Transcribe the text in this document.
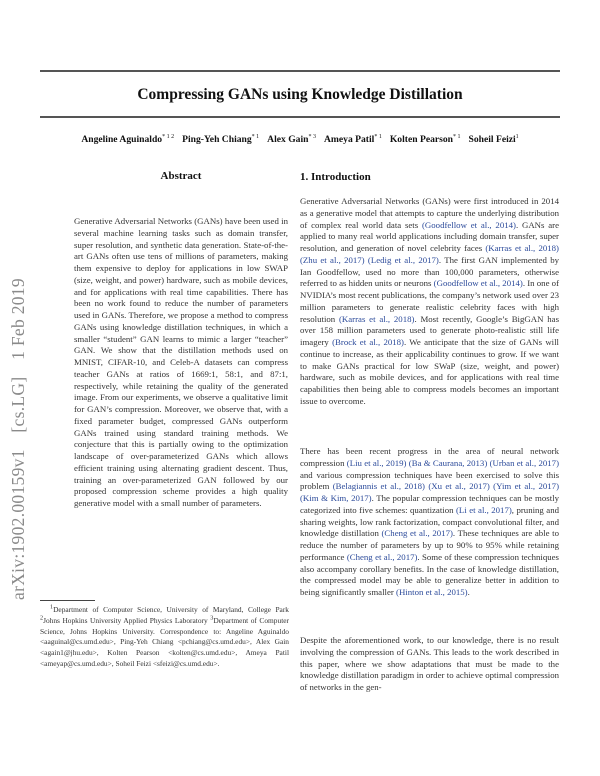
Compressing GANs using Knowledge Distillation
Angeline Aguinaldo$^{* 1 2}$ Ping-Yeh Chiang$^{* 1}$ Alex Gain$^{* 3}$ Ameya Patil$^{* 1}$ Kolten Pearson$^{* 1}$ Soheil Feizi$^1$
arXiv:1902.00159v1 [cs.LG] 1 Feb 2019
Abstract
Generative Adversarial Networks (GANs) have been used in several machine learning tasks such as domain transfer, super resolution, and synthetic data generation. State-of-the-art GANs often use tens of millions of parameters, making them expensive to deploy for applications in low SWAP (size, weight, and power) hardware, such as mobile devices, and for applications with real time capabilities. There has been no work found to reduce the number of parameters used in GANs. Therefore, we propose a method to compress GANs using knowledge distillation techniques, in which a smaller “student” GAN learns to mimic a larger “teacher” GAN. We show that the distillation methods used on MNIST, CIFAR-10, and Celeb-A datasets can compress teacher GANs at ratios of 1669:1, 58:1, and 87:1, respectively, while retaining the quality of the generated image. From our experiments, we observe a qualitative limit for GAN’s compression. Moreover, we observe that, with a fixed parameter budget, compressed GANs outperform GANs trained using standard training methods. We conjecture that this is partially owing to the optimization landscape of over-parameterized GANs which allows efficient training using alternating gradient descent. Thus, training an over-parameterized GAN followed by our proposed compression scheme provides a high quality generative model with a small number of parameters.
$^1$Department of Computer Science, University of Maryland, College Park $^2$Johns Hopkins University Applied Physics Laboratory $^3$Department of Computer Science, Johns Hopkins University. Correspondence to: Angeline Aguinaldo <aaguinal@cs.umd.edu>, Ping-Yeh Chiang <pchiang@cs.umd.edu>, Alex Gain <again1@jhu.edu>, Kolten Pearson <kolten@cs.umd.edu>, Ameya Patil <ameyap@cs.umd.edu>, Soheil Feizi <sfeizi@cs.umd.edu>.
1. Introduction
Generative Adversarial Networks (GANs) were first introduced in 2014 as a generative model that attempts to capture the underlying distribution of complex real world data sets (Goodfellow et al., 2014). GANs are applied to many real world applications including domain transfer, super resolution, and generation of novel celebrity faces (Karras et al., 2018) (Zhu et al., 2017) (Ledig et al., 2017). The first GAN implemented by Ian Goodfellow, used no more than 100,000 parameters, otherwise referred to as hidden units or neurons (Goodfellow et al., 2014). In one of NVIDIA’s most recent publications, the company’s network used over 23 million parameters to generate realistic celebrity faces with high resolution (Karras et al., 2018). Most recently, Google’s BigGAN has over 158 million parameters used to generate photo-realistic still life imagery (Brock et al., 2018). We anticipate that the size of GANs will continue to increase, as their applicability continues to grow. If we want to make GANs practical for low SWaP (size, weight, and power) hardware, such as mobile devices, and for applications with real time capabilities then being able to compress models becomes an important issue to overcome.
There has been recent progress in the area of neural network compression (Liu et al., 2019) (Ba & Caurana, 2013) (Urban et al., 2017) and various compression techniques have been exercised to solve this problem (Belagiannis et al., 2018) (Xu et al., 2017) (Yim et al., 2017) (Kim & Kim, 2017). The popular compression techniques can be mostly categorized into five schemes: quantization (Li et al., 2017), pruning and sharing weights, low rank factorization, compact convolutional filter, and knowledge distillation (Cheng et al., 2017). These techniques are able to reduce the number of parameters by up to 90% to 95% while retaining performance (Cheng et al., 2017). Some of these compression techniques also accompany corollary benefits. In the case of knowledge distillation, the compressed model may be able to generalize better in addition to being significantly smaller (Hinton et al., 2015).
Despite the aforementioned work, to our knowledge, there is no result involving the compression of GANs. This leads to the work described in this paper, where we show adaptations that must be made to the knowledge distillation paradigm in order to achieve optimal compression of networks in the gen-
